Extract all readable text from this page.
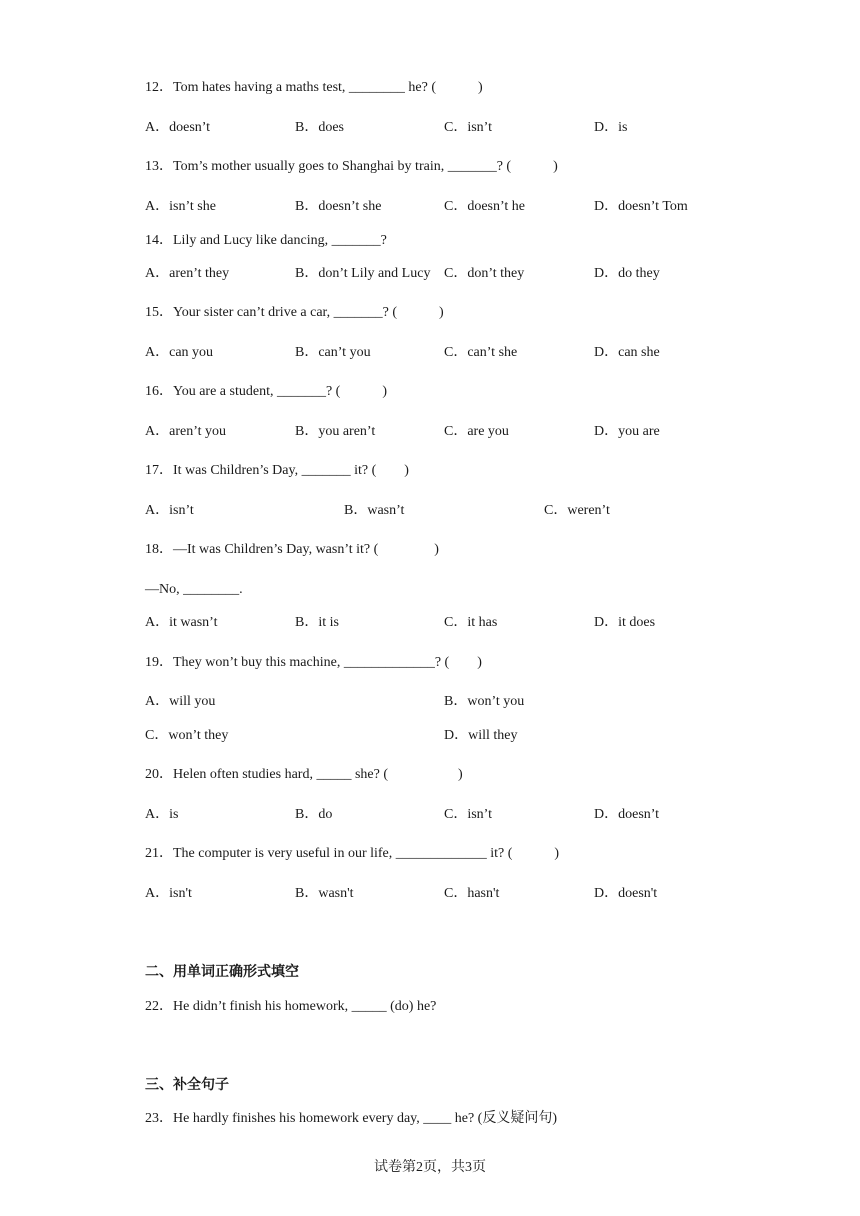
12．Tom hates having a maths test, ________ he? (            )
A．doesn’t	B．does	C．isn’t	D．is
13．Tom’s mother usually goes to Shanghai by train, _______? (            )
A．isn’t she	B．doesn’t she	C．doesn’t he	D．doesn’t Tom
14．Lily and Lucy like dancing, _______?
A．aren’t they	B．don’t Lily and Lucy C．don’t they	D．do they
15．Your sister can’t drive a car, _______? (            )
A．can you	B．can’t you	C．can’t she	D．can she
16．You are a student, _______? (            )
A．aren’t you	B．you aren’t	C．are you	D．you are
17．It was Children’s Day, _______ it? (        )
A．isn’t	B．wasn’t	C．weren’t
18．—It was Children’s Day, wasn’t it? (                )
—No, ________.
A．it wasn’t	B．it is	C．it has	D．it does
19．They won’t buy this machine, _____________? (        )
A．will you	B．won’t you
C．won’t they	D．will they
20．Helen often studies hard, _____ she? (                    )
A．is	B．do	C．isn’t	D．doesn’t
21．The computer is very useful in our life, _____________ it? (            )
A．isn't	B．wasn't	C．hasn't	D．doesn't
二、用单词正确形式填空
22．He didn’t finish his homework, _____ (do) he?
三、补全句子
23．He hardly finishes his homework every day, ____ he? (反义疑问句)
试卷第2页，共3页
